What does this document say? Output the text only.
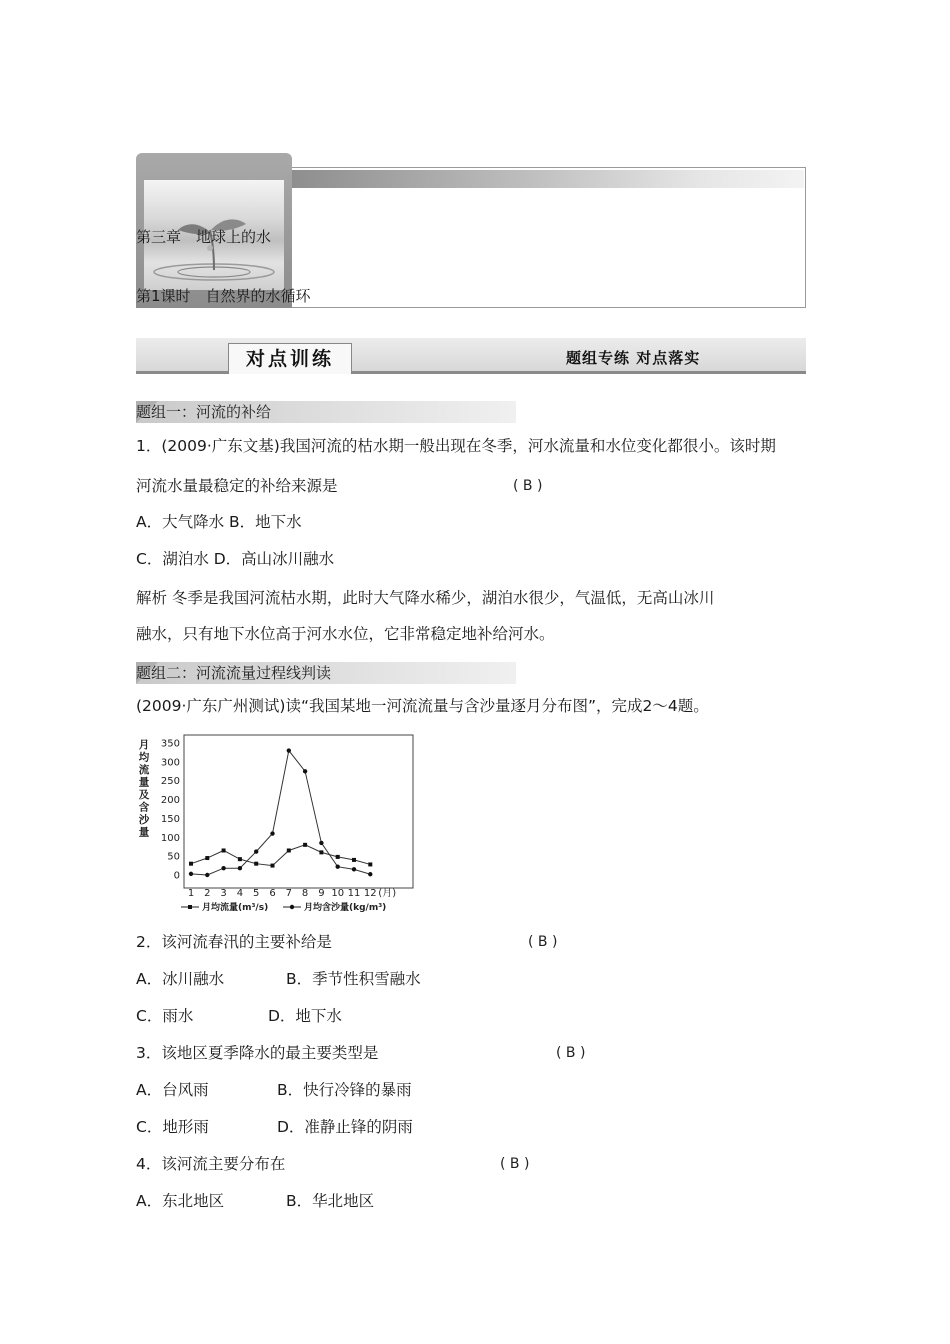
第三章　地球上的水
第1课时　自然界的水循环
对点训练	题组专练 对点落实
题组一：河流的补给
1．(2009·广东文基)我国河流的枯水期一般出现在冬季，河水流量和水位变化都很小。该时期
河流水量最稳定的补给来源是	( B )
A．大气降水 B．地下水
C．湖泊水 D．高山冰川融水
解析 冬季是我国河流枯水期，此时大气降水稀少，湖泊水很少，气温低，无高山冰川
融水，只有地下水位高于河水水位，它非常稳定地补给河水。
题组二：河流流量过程线判读
(2009·广东广州测试)读“我国某地一河流流量与含沙量逐月分布图”，完成2～4题。
月
均
流
量
及
含
沙
量
0
50
100
150
200
250
300
350
1 2 3 4 5 6 7 8 9 10 11 12 (月)
月均流量(m³/s)	月均含沙量(kg/m³)
2．该河流春汛的主要补给是	( B )
A．冰川融水	B．季节性积雪融水
C．雨水	D．地下水
3．该地区夏季降水的最主要类型是	( B )
A．台风雨	B．快行冷锋的暴雨
C．地形雨	D．准静止锋的阴雨
4．该河流主要分布在	( B )
A．东北地区	B．华北地区
